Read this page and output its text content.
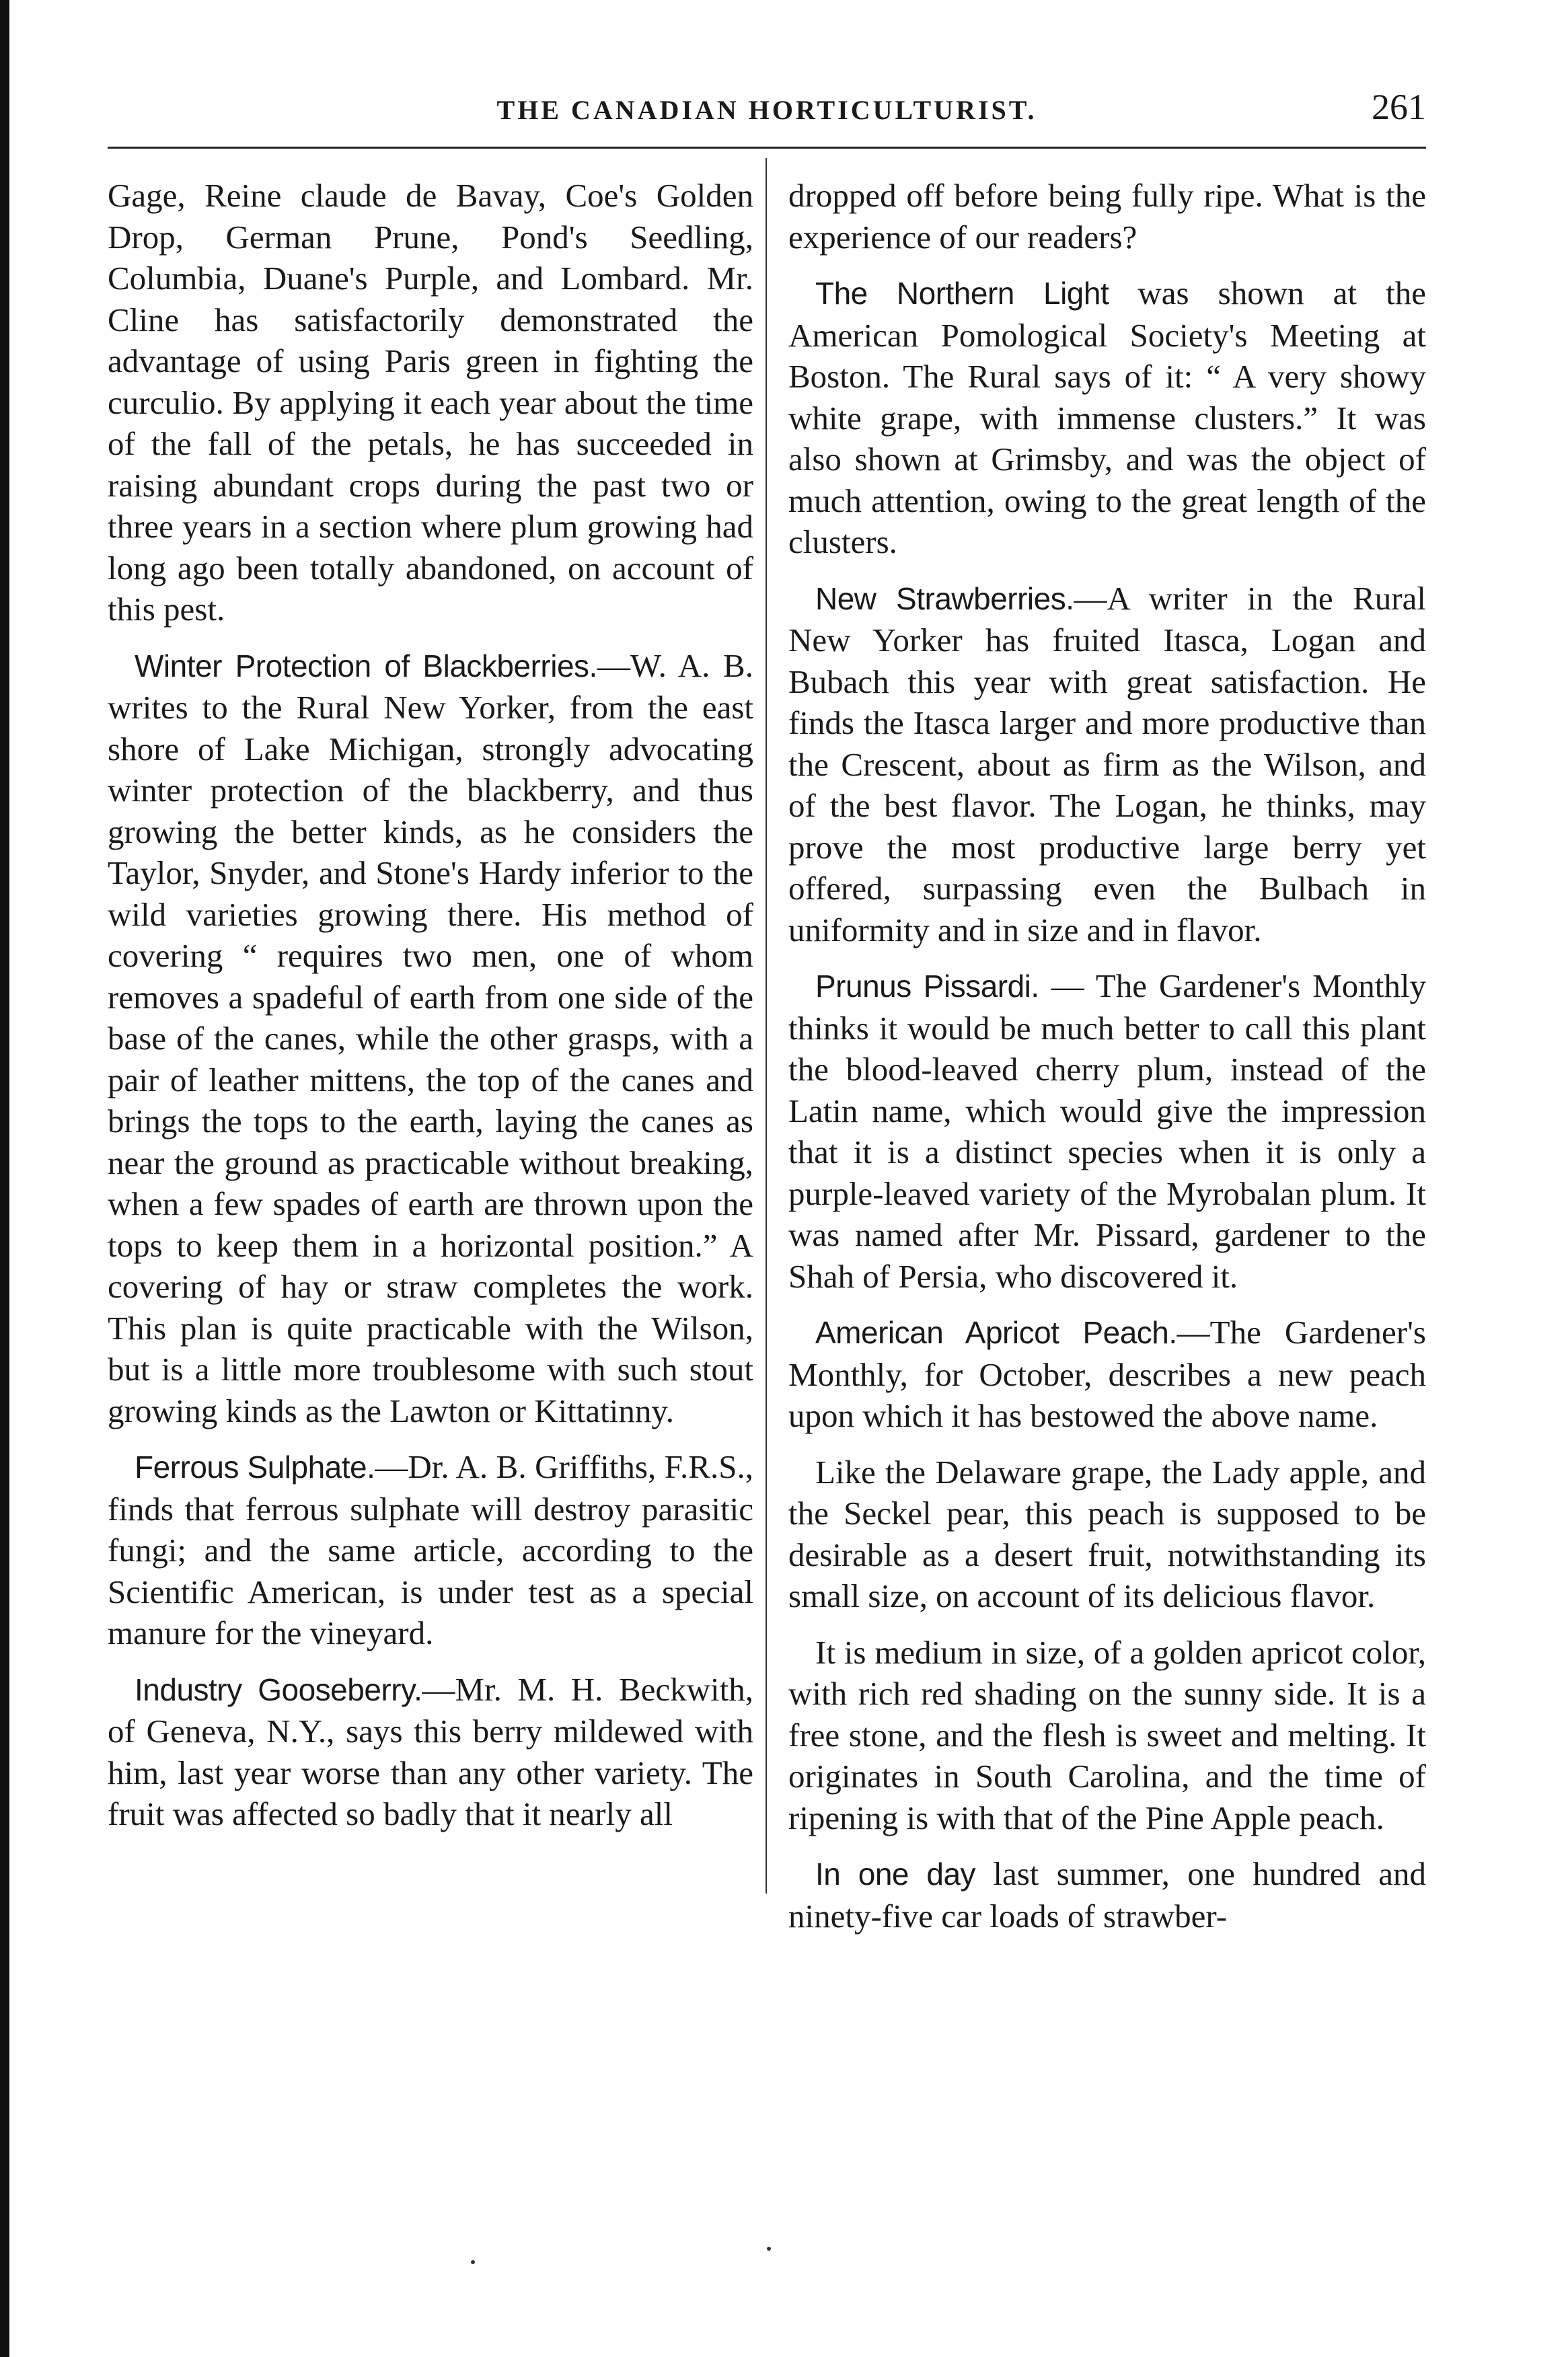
THE CANADIAN HORTICULTURIST.	261

Gage, Reine claude de Bavay, Coe's Golden Drop, German Prune, Pond's Seedling, Columbia, Duane's Purple, and Lombard. Mr. Cline has satisfactorily demonstrated the advantage of using Paris green in fighting the curculio. By applying it each year about the time of the fall of the petals, he has succeeded in raising abundant crops during the past two or three years in a section where plum growing had long ago been totally abandoned, on account of this pest.

Winter Protection of Blackberries.—W. A. B. writes to the Rural New Yorker, from the east shore of Lake Michigan, strongly advocating winter protection of the blackberry, and thus growing the better kinds, as he considers the Taylor, Snyder, and Stone's Hardy inferior to the wild varieties growing there. His method of covering “ requires two men, one of whom removes a spadeful of earth from one side of the base of the canes, while the other grasps, with a pair of leather mittens, the top of the canes and brings the tops to the earth, laying the canes as near the ground as practicable without breaking, when a few spades of earth are thrown upon the tops to keep them in a horizontal position.” A covering of hay or straw completes the work. This plan is quite practicable with the Wilson, but is a little more troublesome with such stout growing kinds as the Lawton or Kittatinny.

Ferrous Sulphate.—Dr. A. B. Griffiths, F.R.S., finds that ferrous sulphate will destroy parasitic fungi; and the same article, according to the Scientific American, is under test as a special manure for the vineyard.

Industry Gooseberry.—Mr. M. H. Beckwith, of Geneva, N.Y., says this berry mildewed with him, last year worse than any other variety. The fruit was affected so badly that it nearly all

dropped off before being fully ripe. What is the experience of our readers?

The Northern Light was shown at the American Pomological Society's Meeting at Boston. The Rural says of it: “ A very showy white grape, with immense clusters.” It was also shown at Grimsby, and was the object of much attention, owing to the great length of the clusters.

New Strawberries.—A writer in the Rural New Yorker has fruited Itasca, Logan and Bubach this year with great satisfaction. He finds the Itasca larger and more productive than the Crescent, about as firm as the Wilson, and of the best flavor. The Logan, he thinks, may prove the most productive large berry yet offered, surpassing even the Bulbach in uniformity and in size and in flavor.

Prunus Pissardi. — The Gardener's Monthly thinks it would be much better to call this plant the blood-leaved cherry plum, instead of the Latin name, which would give the impression that it is a distinct species when it is only a purple-leaved variety of the Myrobalan plum. It was named after Mr. Pissard, gardener to the Shah of Persia, who discovered it.

American Apricot Peach.—The Gardener's Monthly, for October, describes a new peach upon which it has bestowed the above name.

Like the Delaware grape, the Lady apple, and the Seckel pear, this peach is supposed to be desirable as a desert fruit, notwithstanding its small size, on account of its delicious flavor.

It is medium in size, of a golden apricot color, with rich red shading on the sunny side. It is a free stone, and the flesh is sweet and melting. It originates in South Carolina, and the time of ripening is with that of the Pine Apple peach.

In one day last summer, one hundred and ninety-five car loads of strawber-
